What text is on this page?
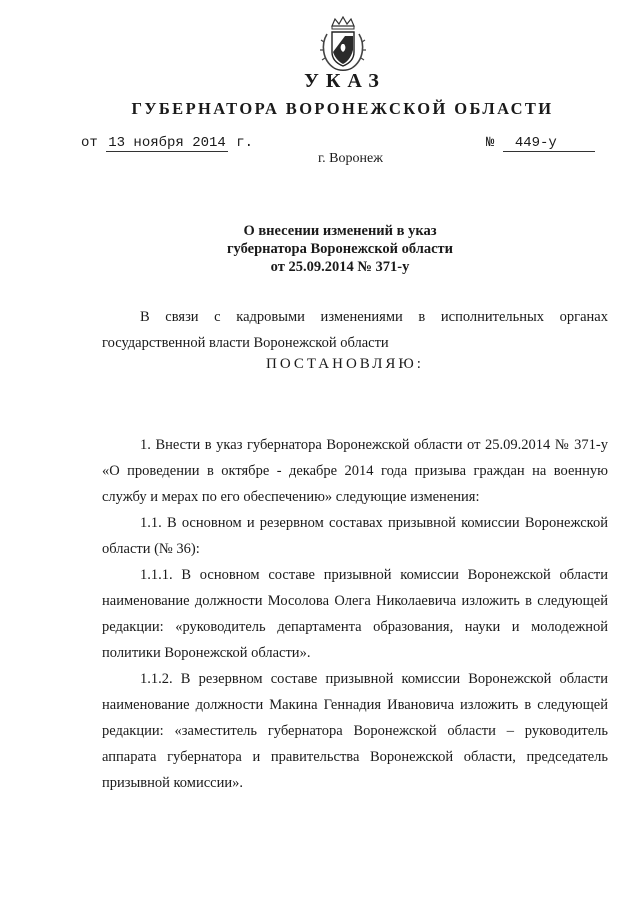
УКАЗ
ГУБЕРНАТОРА ВОРОНЕЖСКОЙ ОБЛАСТИ
от 13 ноября 2014 г.	№ 449-у
г. Воронеж
О внесении изменений в указ
губернатора Воронежской области
от 25.09.2014 № 371-у

В связи с кадровыми изменениями в исполнительных органах государственной власти Воронежской области

ПОСТАНОВЛЯЮ:

1. Внести в указ губернатора Воронежской области от 25.09.2014 № 371-у «О проведении в октябре - декабре 2014 года призыва граждан на военную службу и мерах по его обеспечению» следующие изменения:

1.1. В основном и резервном составах призывной комиссии Воронежской области (№ 36):

1.1.1. В основном составе призывной комиссии Воронежской области наименование должности Мосолова Олега Николаевича изложить в следующей редакции: «руководитель департамента образования, науки и молодежной политики Воронежской области».

1.1.2. В резервном составе призывной комиссии Воронежской области наименование должности Макина Геннадия Ивановича изложить в следующей редакции: «заместитель губернатора Воронежской области – руководитель аппарата губернатора и правительства Воронежской области, председатель призывной комиссии».
